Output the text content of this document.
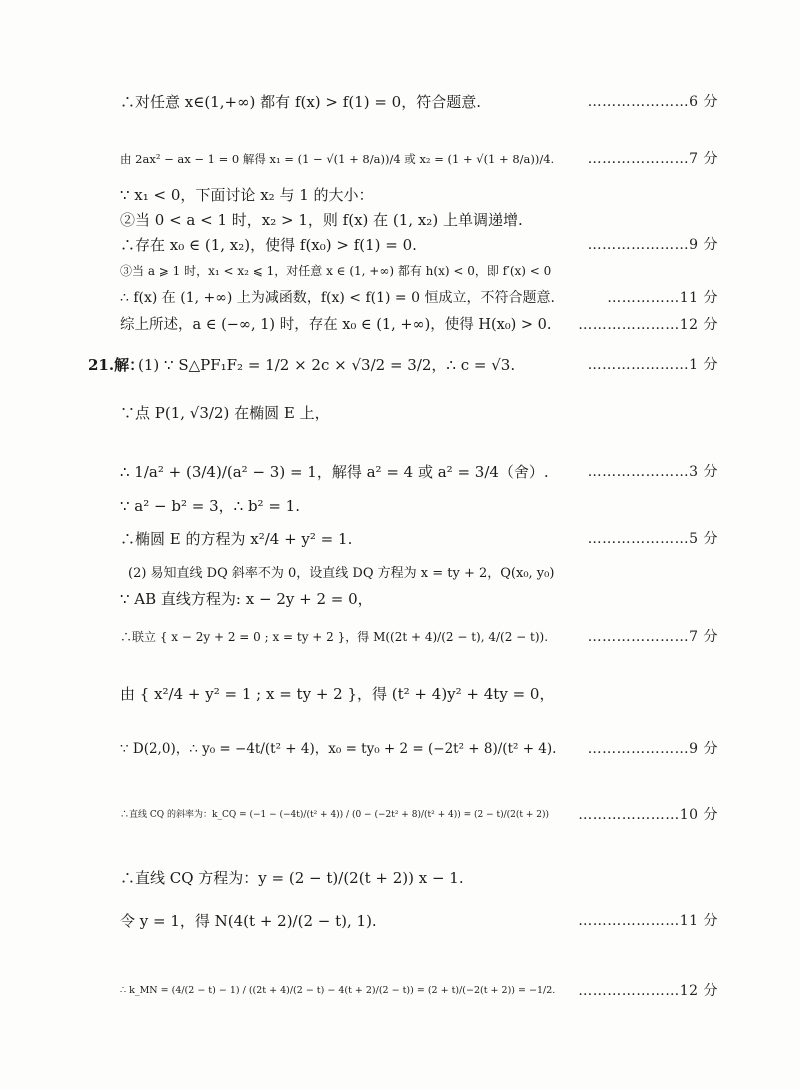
∴对任意 x∈(1,+∞) 都有 f(x) > f(1) = 0，符合题意.	…………………6 分
由 2ax² − ax − 1 = 0 解得 x₁ = (1 − √(1 + 8/a))/4 或 x₂ = (1 + √(1 + 8/a))/4.	…………………7 分
∵ x₁ < 0，下面讨论 x₂ 与 1 的大小：
②当 0 < a < 1 时，x₂ > 1，则 f(x) 在 (1, x₂) 上单调递增.
∴存在 x₀ ∈ (1, x₂)，使得 f(x₀) > f(1) = 0.	…………………9 分
③当 a ⩾ 1 时，x₁ < x₂ ⩽ 1，对任意 x ∈ (1, +∞) 都有 h(x) < 0，即 f′(x) < 0
∴ f(x) 在 (1, +∞) 上为减函数，f(x) < f(1) = 0 恒成立，不符合题意.	……………11 分
综上所述，a ∈ (−∞, 1) 时，存在 x₀ ∈ (1, +∞)，使得 H(x₀) > 0.	…………………12 分
21.解：
(1) ∵ S△PF₁F₂ = 1/2 × 2c × √3/2 = 3/2，∴ c = √3.	…………………1 分
∵点 P(1, √3/2) 在椭圆 E 上，
∴ 1/a² + (3/4)/(a² − 3) = 1，解得 a² = 4 或 a² = 3/4（舍）.	…………………3 分
∵ a² − b² = 3，∴ b² = 1.
∴椭圆 E 的方程为 x²/4 + y² = 1.	…………………5 分
(2) 易知直线 DQ 斜率不为 0，设直线 DQ 方程为 x = ty + 2，Q(x₀, y₀)
∵ AB 直线方程为: x − 2y + 2 = 0，
∴联立 { x − 2y + 2 = 0 ; x = ty + 2 }，得 M((2t + 4)/(2 − t), 4/(2 − t)).	…………………7 分
由 { x²/4 + y² = 1 ; x = ty + 2 }，得 (t² + 4)y² + 4ty = 0，
∵ D(2,0)，∴ y₀ = −4t/(t² + 4)，x₀ = ty₀ + 2 = (−2t² + 8)/(t² + 4).	…………………9 分
∴直线 CQ 的斜率为：k_CQ = (−1 − (−4t)/(t² + 4)) / (0 − (−2t² + 8)/(t² + 4)) = (2 − t)/(2(t + 2))	…………………10 分
∴直线 CQ 方程为：y = (2 − t)/(2(t + 2)) x − 1.
令 y = 1，得 N(4(t + 2)/(2 − t), 1).	…………………11 分
∴ k_MN = (4/(2 − t) − 1) / ((2t + 4)/(2 − t) − 4(t + 2)/(2 − t)) = (2 + t)/(−2(t + 2)) = −1/2.	…………………12 分
